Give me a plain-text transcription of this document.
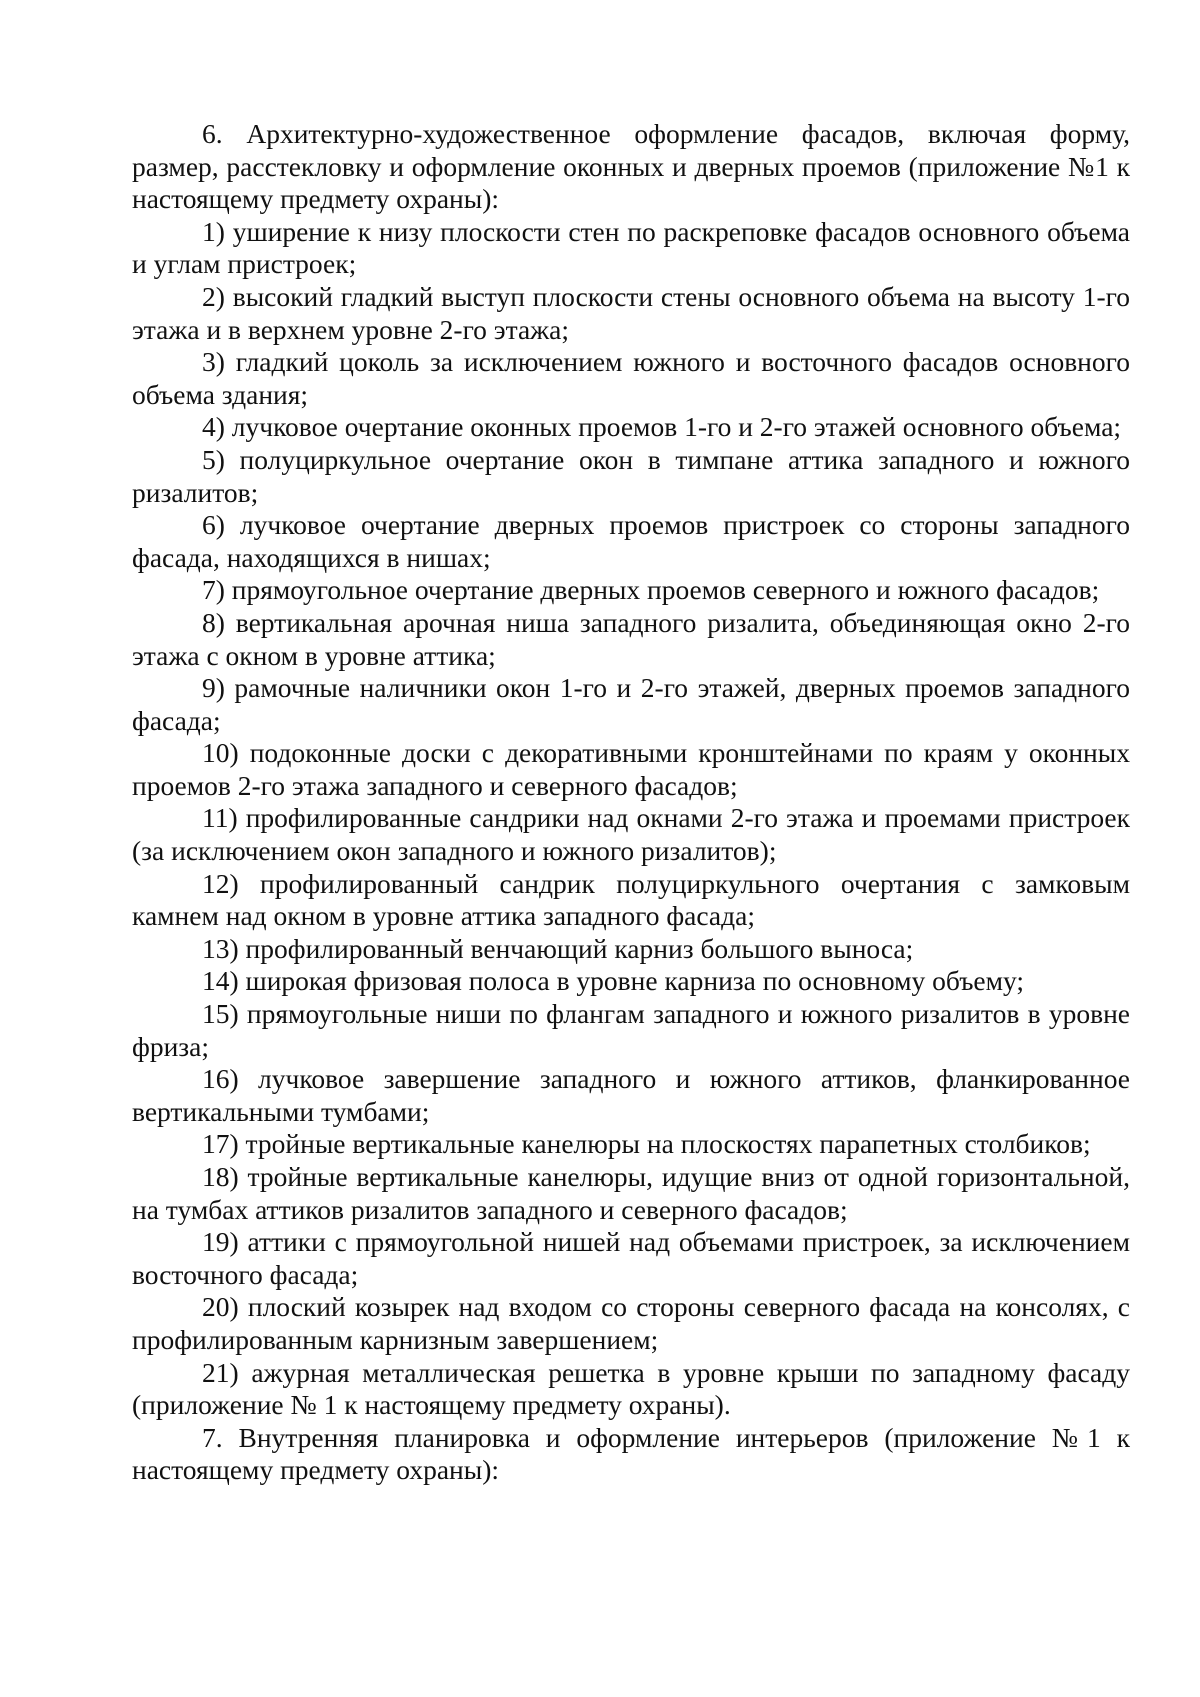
6. Архитектурно-художественное оформление фасадов, включая форму, размер, расстекловку и оформление оконных и дверных проемов (приложение №1 к настоящему предмету охраны):

1) уширение к низу плоскости стен по раскреповке фасадов основного объема и углам пристроек;

2) высокий гладкий выступ плоскости стены основного объема на высоту 1-го этажа и в верхнем уровне 2-го этажа;

3) гладкий цоколь за исключением южного и восточного фасадов основного объема здания;

4) лучковое очертание оконных проемов 1-го и 2-го этажей основного объема;

5) полуциркульное очертание окон в тимпане аттика западного и южного ризалитов;

6) лучковое очертание дверных проемов пристроек со стороны западного фасада, находящихся в нишах;

7) прямоугольное очертание дверных проемов северного и южного фасадов;

8) вертикальная арочная ниша западного ризалита, объединяющая окно 2-го этажа с окном в уровне аттика;

9) рамочные наличники окон 1-го и 2-го этажей, дверных проемов западного фасада;

10) подоконные доски с декоративными кронштейнами по краям у оконных проемов 2-го этажа западного и северного фасадов;

11) профилированные сандрики над окнами 2-го этажа и проемами пристроек (за исключением окон западного и южного ризалитов);

12) профилированный сандрик полуциркульного очертания с замковым камнем над окном в уровне аттика западного фасада;

13) профилированный венчающий карниз большого выноса;

14) широкая фризовая полоса в уровне карниза по основному объему;

15) прямоугольные ниши по флангам западного и южного ризалитов в уровне фриза;

16) лучковое завершение западного и южного аттиков, фланкированное вертикальными тумбами;

17) тройные вертикальные канелюры на плоскостях парапетных столбиков;

18) тройные вертикальные канелюры, идущие вниз от одной горизонтальной, на тумбах аттиков ризалитов западного и северного фасадов;

19) аттики с прямоугольной нишей над объемами пристроек, за исключением восточного фасада;

20) плоский козырек над входом со стороны северного фасада на консолях, с профилированным карнизным завершением;

21) ажурная металлическая решетка в уровне крыши по западному фасаду (приложение № 1 к настоящему предмету охраны).

7. Внутренняя планировка и оформление интерьеров (приложение №1 к настоящему предмету охраны):
